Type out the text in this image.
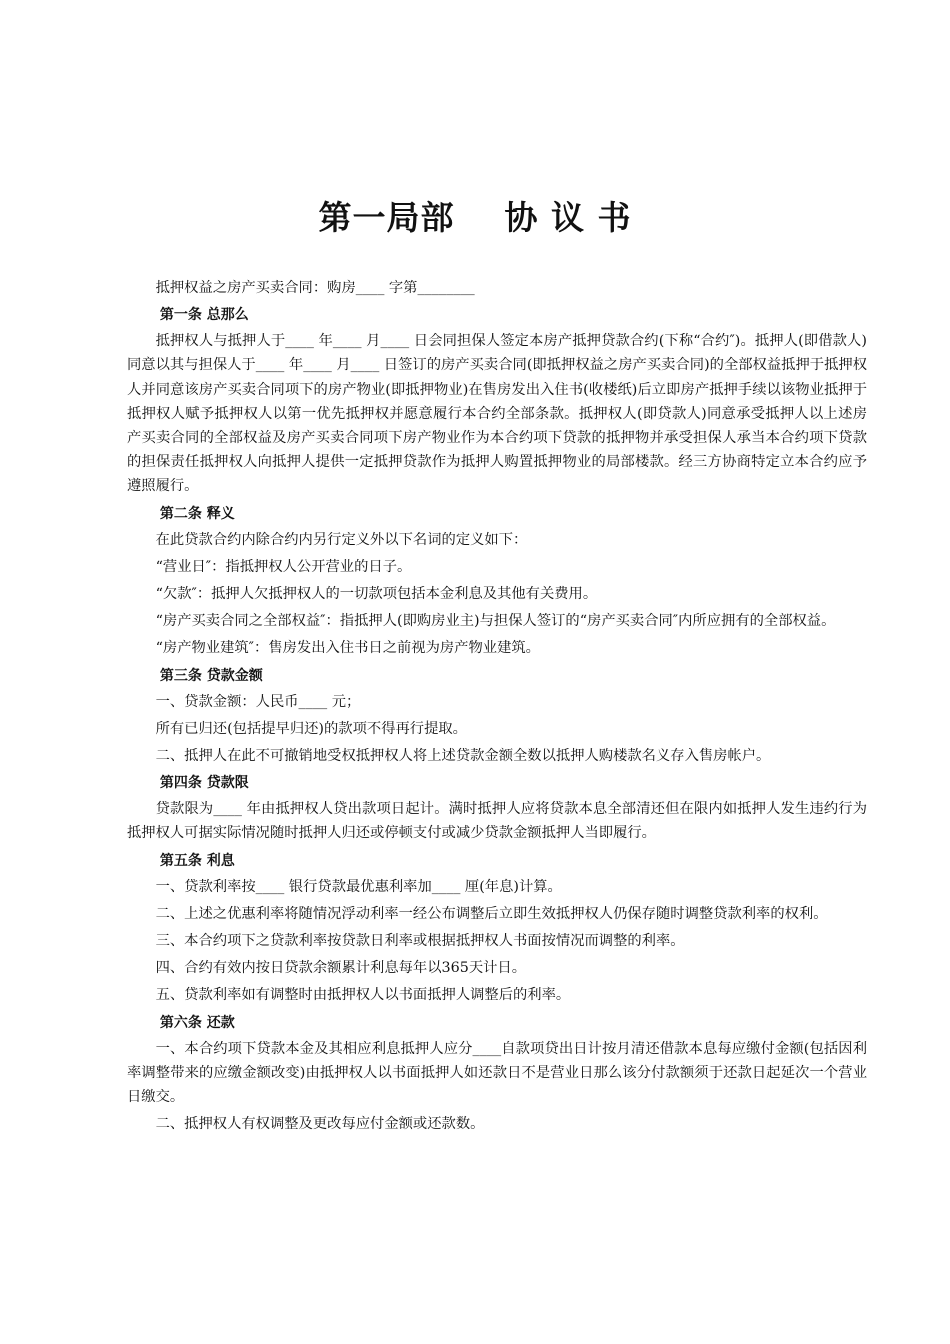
第一局部    协 议 书

抵押权益之房产买卖合同：购房____ 字第________

第一条 总那么

抵押权人与抵押人于____ 年____ 月____ 日会同担保人签定本房产抵押贷款合约(下称“合约″)。抵押人(即借款人)同意以其与担保人于____ 年____ 月____ 日签订的房产买卖合同(即抵押权益之房产买卖合同)的全部权益抵押于抵押权人并同意该房产买卖合同项下的房产物业(即抵押物业)在售房发出入住书(收楼纸)后立即房产抵押手续以该物业抵押于抵押权人赋予抵押权人以第一优先抵押权并愿意履行本合约全部条款。抵押权人(即贷款人)同意承受抵押人以上述房产买卖合同的全部权益及房产买卖合同项下房产物业作为本合约项下贷款的抵押物并承受担保人承当本合约项下贷款的担保责任抵押权人向抵押人提供一定抵押贷款作为抵押人购置抵押物业的局部楼款。经三方协商特定立本合约应予遵照履行。

第二条 释义

在此贷款合约内除合约内另行定义外以下名词的定义如下：

“营业日″：指抵押权人公开营业的日子。

“欠款″：抵押人欠抵押权人的一切款项包括本金利息及其他有关费用。

“房产买卖合同之全部权益″：指抵押人(即购房业主)与担保人签订的“房产买卖合同″内所应拥有的全部权益。

“房产物业建筑″：售房发出入住书日之前视为房产物业建筑。

第三条 贷款金额

一、贷款金额：人民币____ 元；

所有已归还(包括提早归还)的款项不得再行提取。

二、抵押人在此不可撤销地受权抵押权人将上述贷款金额全数以抵押人购楼款名义存入售房帐户。

第四条 贷款限

贷款限为____ 年由抵押权人贷出款项日起计。满时抵押人应将贷款本息全部清还但在限内如抵押人发生违约行为抵押权人可据实际情况随时抵押人归还或停顿支付或减少贷款金额抵押人当即履行。

第五条 利息

一、贷款利率按____ 银行贷款最优惠利率加____ 厘(年息)计算。

二、上述之优惠利率将随情况浮动利率一经公布调整后立即生效抵押权人仍保存随时调整贷款利率的权利。

三、本合约项下之贷款利率按贷款日利率或根据抵押权人书面按情况而调整的利率。

四、合约有效内按日贷款余额累计利息每年以365天计日。

五、贷款利率如有调整时由抵押权人以书面抵押人调整后的利率。

第六条 还款

一、本合约项下贷款本金及其相应利息抵押人应分____自款项贷出日计按月清还借款本息每应缴付金额(包括因利率调整带来的应缴金额改变)由抵押权人以书面抵押人如还款日不是营业日那么该分付款额须于还款日起延次一个营业日缴交。

二、抵押权人有权调整及更改每应付金额或还款数。
